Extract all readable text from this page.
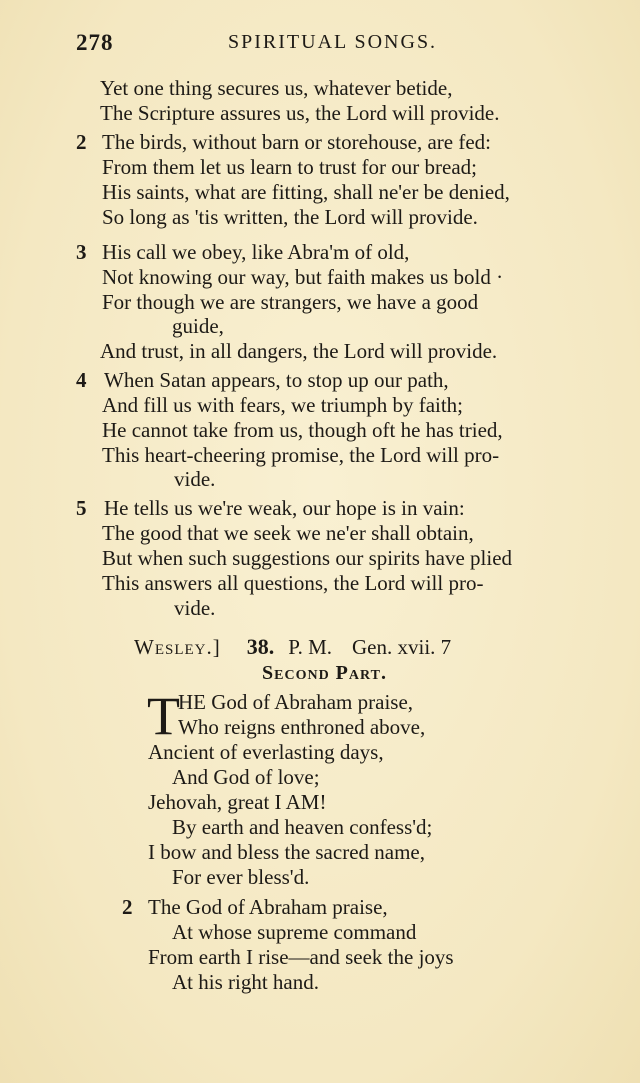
278	SPIRITUAL SONGS.
Yet one thing secures us, whatever betide,
The Scripture assures us, the Lord will provide.
2 The birds, without barn or storehouse, are fed:
From them let us learn to trust for our bread;
His saints, what are fitting, shall ne'er be denied,
So long as 'tis written, the Lord will provide.
3 His call we obey, like Abra'm of old,
Not knowing our way, but faith makes us bold ·
For though we are strangers, we have a good
guide,
And trust, in all dangers, the Lord will provide.
4 When Satan appears, to stop up our path,
And fill us with fears, we triumph by faith;
He cannot take from us, though oft he has tried,
This heart-cheering promise, the Lord will pro-
vide.
5 He tells us we're weak, our hope is in vain:
The good that we seek we ne'er shall obtain,
But when such suggestions our spirits have plied
This answers all questions, the Lord will pro-
vide.
Wesley.] 38. P. M. Gen. xvii. 7
Second Part.
T
HE God of Abraham praise,
Who reigns enthroned above,
Ancient of everlasting days,
And God of love;
Jehovah, great I AM!
By earth and heaven confess'd;
I bow and bless the sacred name,
For ever bless'd.
2 The God of Abraham praise,
At whose supreme command
From earth I rise—and seek the joys
At his right hand.
